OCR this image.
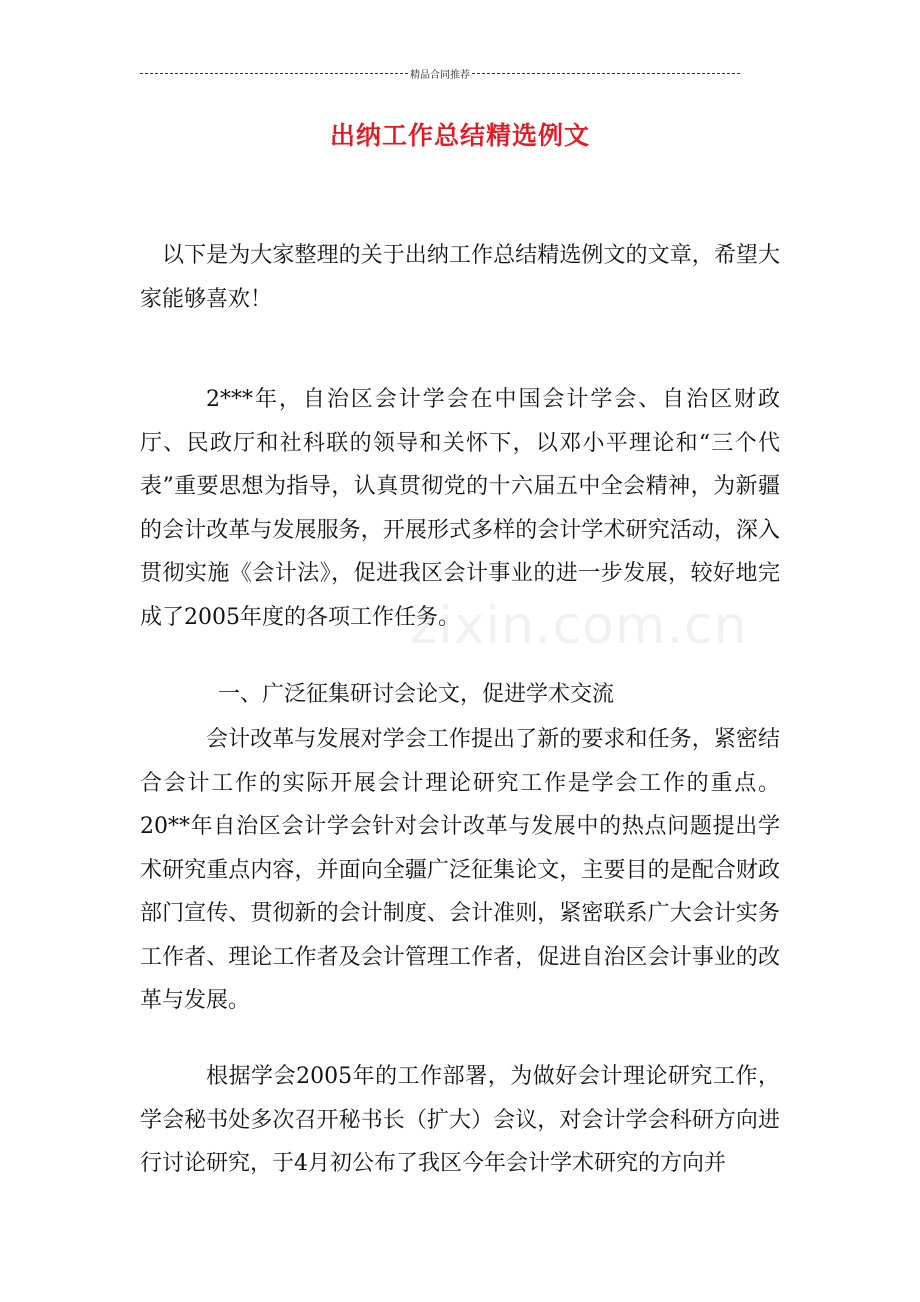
精品合同推荐
出纳工作总结精选例文

以下是为大家整理的关于出纳工作总结精选例文的文章，希望大家能够喜欢！

2***年，自治区会计学会在中国会计学会、自治区财政厅、民政厅和社科联的领导和关怀下，以邓小平理论和“三个代表”重要思想为指导，认真贯彻党的十六届五中全会精神，为新疆的会计改革与发展服务，开展形式多样的会计学术研究活动，深入贯彻实施《会计法》，促进我区会计事业的进一步发展，较好地完成了2005年度的各项工作任务。

zixin.com.cn

一、广泛征集研讨会论文，促进学术交流

会计改革与发展对学会工作提出了新的要求和任务，紧密结合会计工作的实际开展会计理论研究工作是学会工作的重点。20**年自治区会计学会针对会计改革与发展中的热点问题提出学术研究重点内容，并面向全疆广泛征集论文，主要目的是配合财政部门宣传、贯彻新的会计制度、会计准则，紧密联系广大会计实务工作者、理论工作者及会计管理工作者，促进自治区会计事业的改革与发展。

根据学会2005年的工作部署，为做好会计理论研究工作，学会秘书处多次召开秘书长（扩大）会议，对会计学会科研方向进行讨论研究，于4月初公布了我区今年会计学术研究的方向并
